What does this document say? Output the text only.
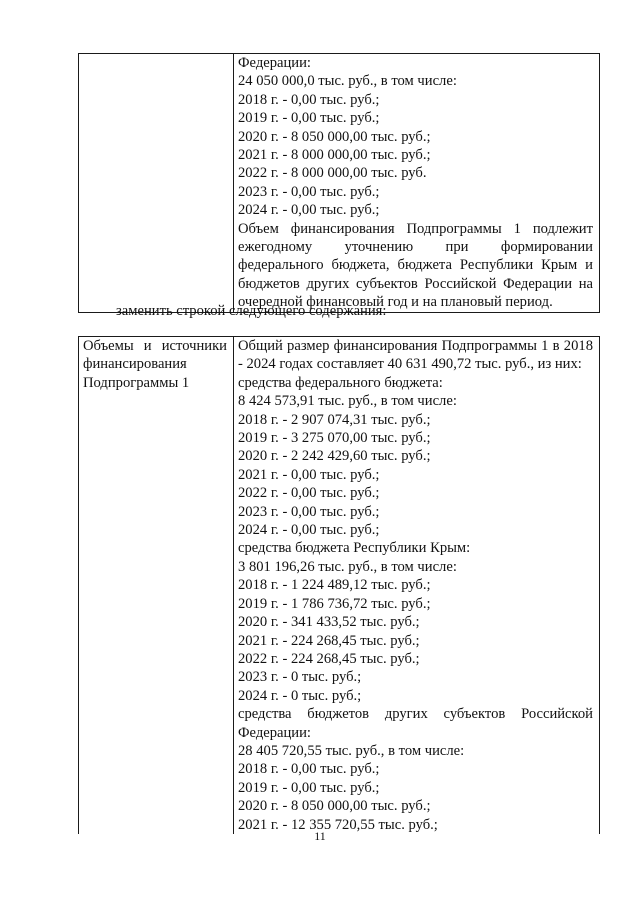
Федерации:
24 050 000,0 тыс. руб., в том числе:
2018 г. - 0,00 тыс. руб.;
2019 г. - 0,00 тыс. руб.;
2020 г. - 8 050 000,00 тыс. руб.;
2021 г. - 8 000 000,00 тыс. руб.;
2022 г. - 8 000 000,00 тыс. руб.
2023 г. - 0,00 тыс. руб.;
2024 г. - 0,00 тыс. руб.;
Объем финансирования Подпрограммы 1 подлежит ежегодному уточнению при формировании федерального бюджета, бюджета Республики Крым и бюджетов других субъектов Российской Федерации на очередной финансовый год и на плановый период.
заменить строкой следующего содержания:
Объемы и источники финансирования Подпрограммы 1

Общий размер финансирования Подпрограммы 1 в 2018 - 2024 годах составляет 40 631 490,72 тыс. руб., из них:
средства федерального бюджета:
8 424 573,91 тыс. руб., в том числе:
2018 г. - 2 907 074,31 тыс. руб.;
2019 г. - 3 275 070,00 тыс. руб.;
2020 г. - 2 242 429,60 тыс. руб.;
2021 г. - 0,00 тыс. руб.;
2022 г. - 0,00 тыс. руб.;
2023 г. - 0,00 тыс. руб.;
2024 г. - 0,00 тыс. руб.;
средства бюджета Республики Крым:
3 801 196,26 тыс. руб., в том числе:
2018 г. - 1 224 489,12 тыс. руб.;
2019 г. - 1 786 736,72 тыс. руб.;
2020 г. - 341 433,52 тыс. руб.;
2021 г. - 224 268,45 тыс. руб.;
2022 г. - 224 268,45 тыс. руб.;
2023 г. - 0 тыс. руб.;
2024 г. - 0 тыс. руб.;
средства бюджетов других субъектов Российской Федерации:
28 405 720,55 тыс. руб., в том числе:
2018 г. - 0,00 тыс. руб.;
2019 г. - 0,00 тыс. руб.;
2020 г. - 8 050 000,00 тыс. руб.;
2021 г. - 12 355 720,55 тыс. руб.;
11
